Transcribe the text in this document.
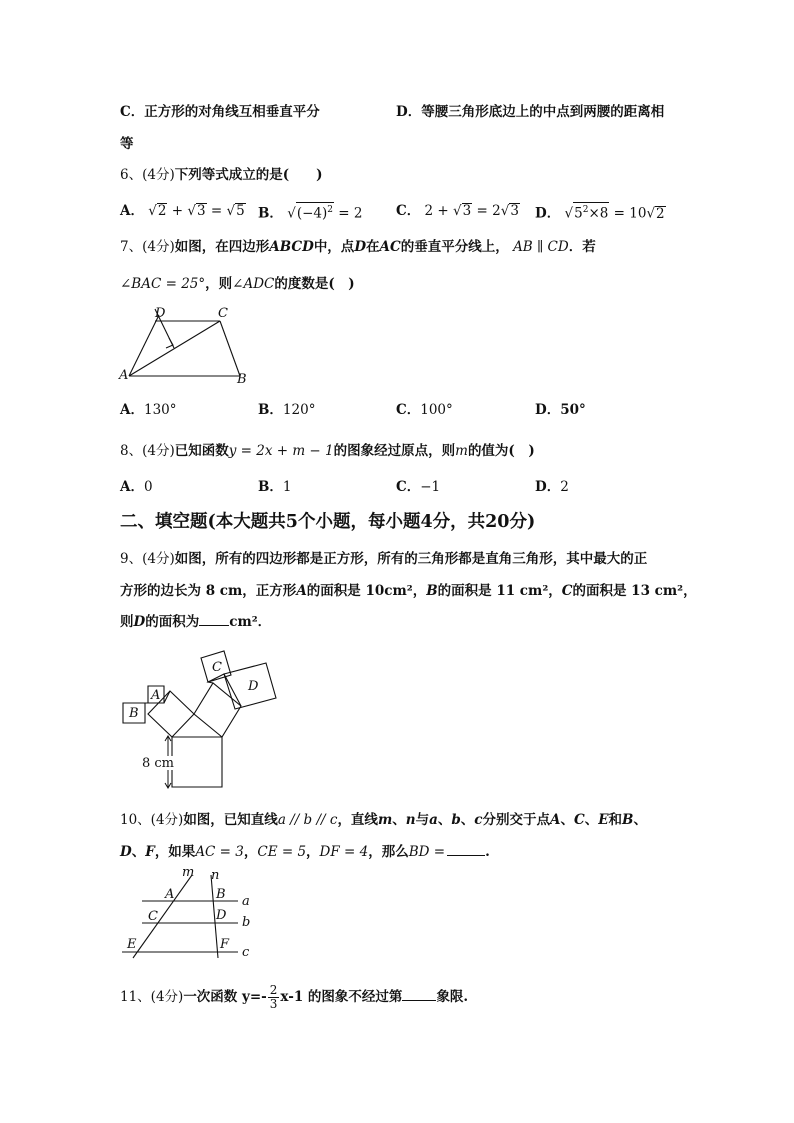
C．正方形的对角线互相垂直平分	D．等腰三角形底边上的中点到两腰的距离相
等
6、(4分)下列等式成立的是(　　)
A． √2 + √3 = √5 B． $√(-4)^2 = 2$ C． 2 + √3 = 2√3 D． $√5^2\times 8 = 10√2$
7、(4分)如图，在四边形ABCD中，点D在AC的垂直平分线上， AB ∥ CD．若
∠BAC = 25°，则∠ADC的度数是(　)
A	B
C
D
A．130°	B．120°	C．100°	D．50°
8、(4分)已知函数y = 2x + m − 1的图象经过原点，则m的值为(　)
A．0	B．1	C．−1	D．2
二、填空题(本大题共5个小题，每小题4分，共20分)
9、(4分)如图，所有的四边形都是正方形，所有的三角形都是直角三角形，其中最大的正
方形的边长为 8 cm，正方形A的面积是 10cm²，B的面积是 11 cm²，C的面积是 13 cm²，
则D的面积为 cm²．
8 cm
A
B
C
D
10、(4分)如图，已知直线a // b // c，直线m、n与a、b、c分别交于点A、C、E和B、
D、F，如果AC = 3，CE = 5，DF = 4，那么BD =	.
m n
a
b
c
A	B
C	D
E	F
11、(4分)一次函数 $y=- \frac{2}{3} x-1$ 的图象不经过第	象限.
